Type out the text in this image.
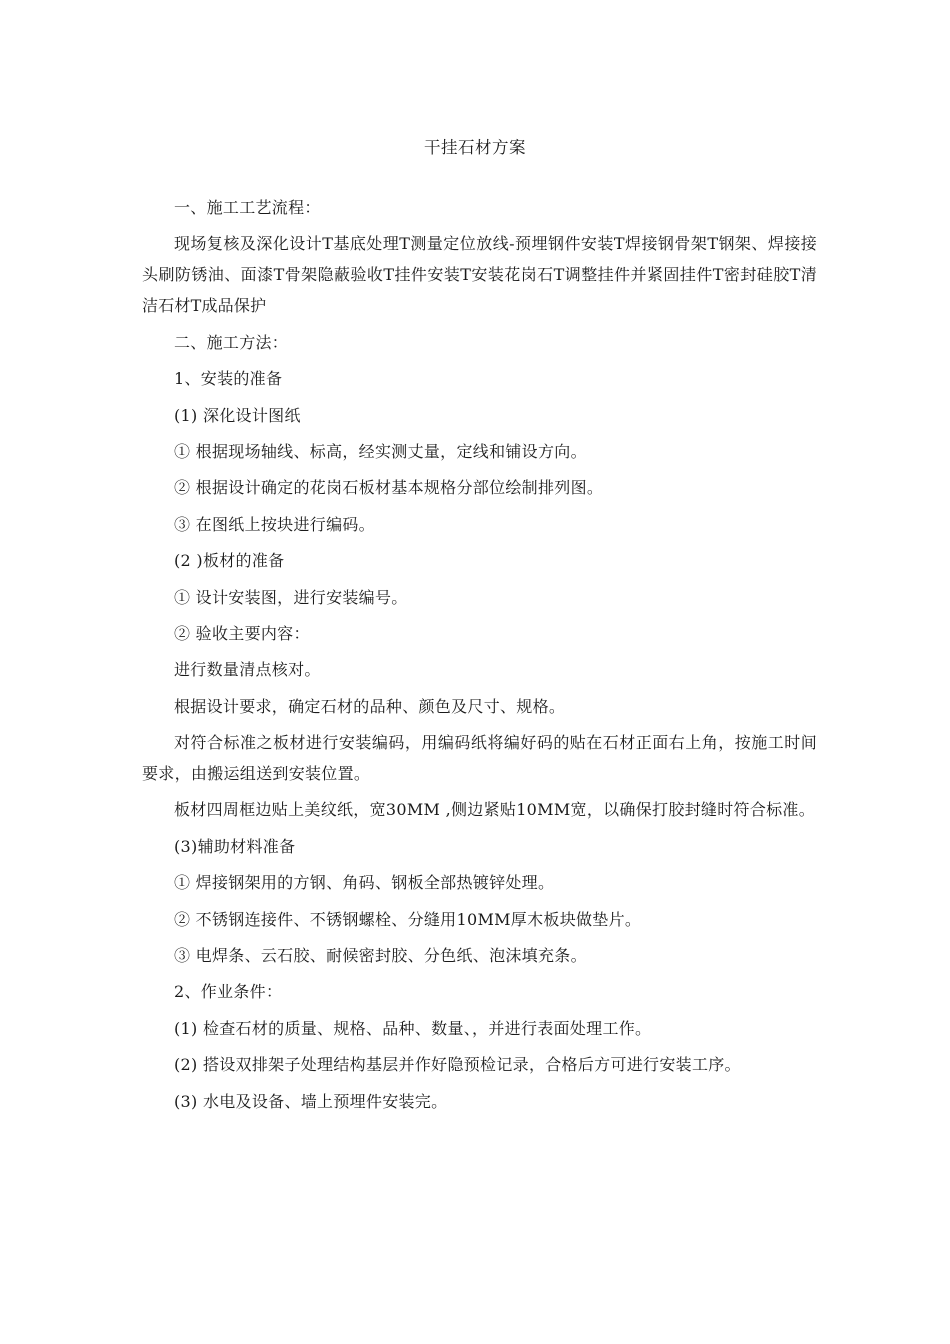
干挂石材方案

一、施工工艺流程：

现场复核及深化设计T基底处理T测量定位放线-预埋钢件安装T焊接钢骨架T钢架、焊接接头刷防锈油、面漆T骨架隐蔽验收T挂件安装T安装花岗石T调整挂件并紧固挂件T密封硅胶T清洁石材T成品保护

二、施工方法：

1、安装的准备

(1) 深化设计图纸

① 根据现场轴线、标高，经实测丈量，定线和铺设方向。

② 根据设计确定的花岗石板材基本规格分部位绘制排列图。

③ 在图纸上按块进行编码。

(2 )板材的准备

① 设计安装图，进行安装编号。

② 验收主要内容：

进行数量清点核对。

根据设计要求，确定石材的品种、颜色及尺寸、规格。

对符合标准之板材进行安装编码，用编码纸将编好码的贴在石材正面右上角，按施工时间要求，由搬运组送到安装位置。

板材四周框边贴上美纹纸，宽30MM ,侧边紧贴10MM宽，以确保打胶封缝时符合标准。

(3)辅助材料准备

① 焊接钢架用的方钢、角码、钢板全部热镀锌处理。

② 不锈钢连接件、不锈钢螺栓、分缝用10MM厚木板块做垫片。

③ 电焊条、云石胶、耐候密封胶、分色纸、泡沫填充条。

2、作业条件：

(1) 检查石材的质量、规格、品种、数量、，并进行表面处理工作。

(2) 搭设双排架子处理结构基层并作好隐预检记录，合格后方可进行安装工序。

(3) 水电及设备、墙上预埋件安装完。
